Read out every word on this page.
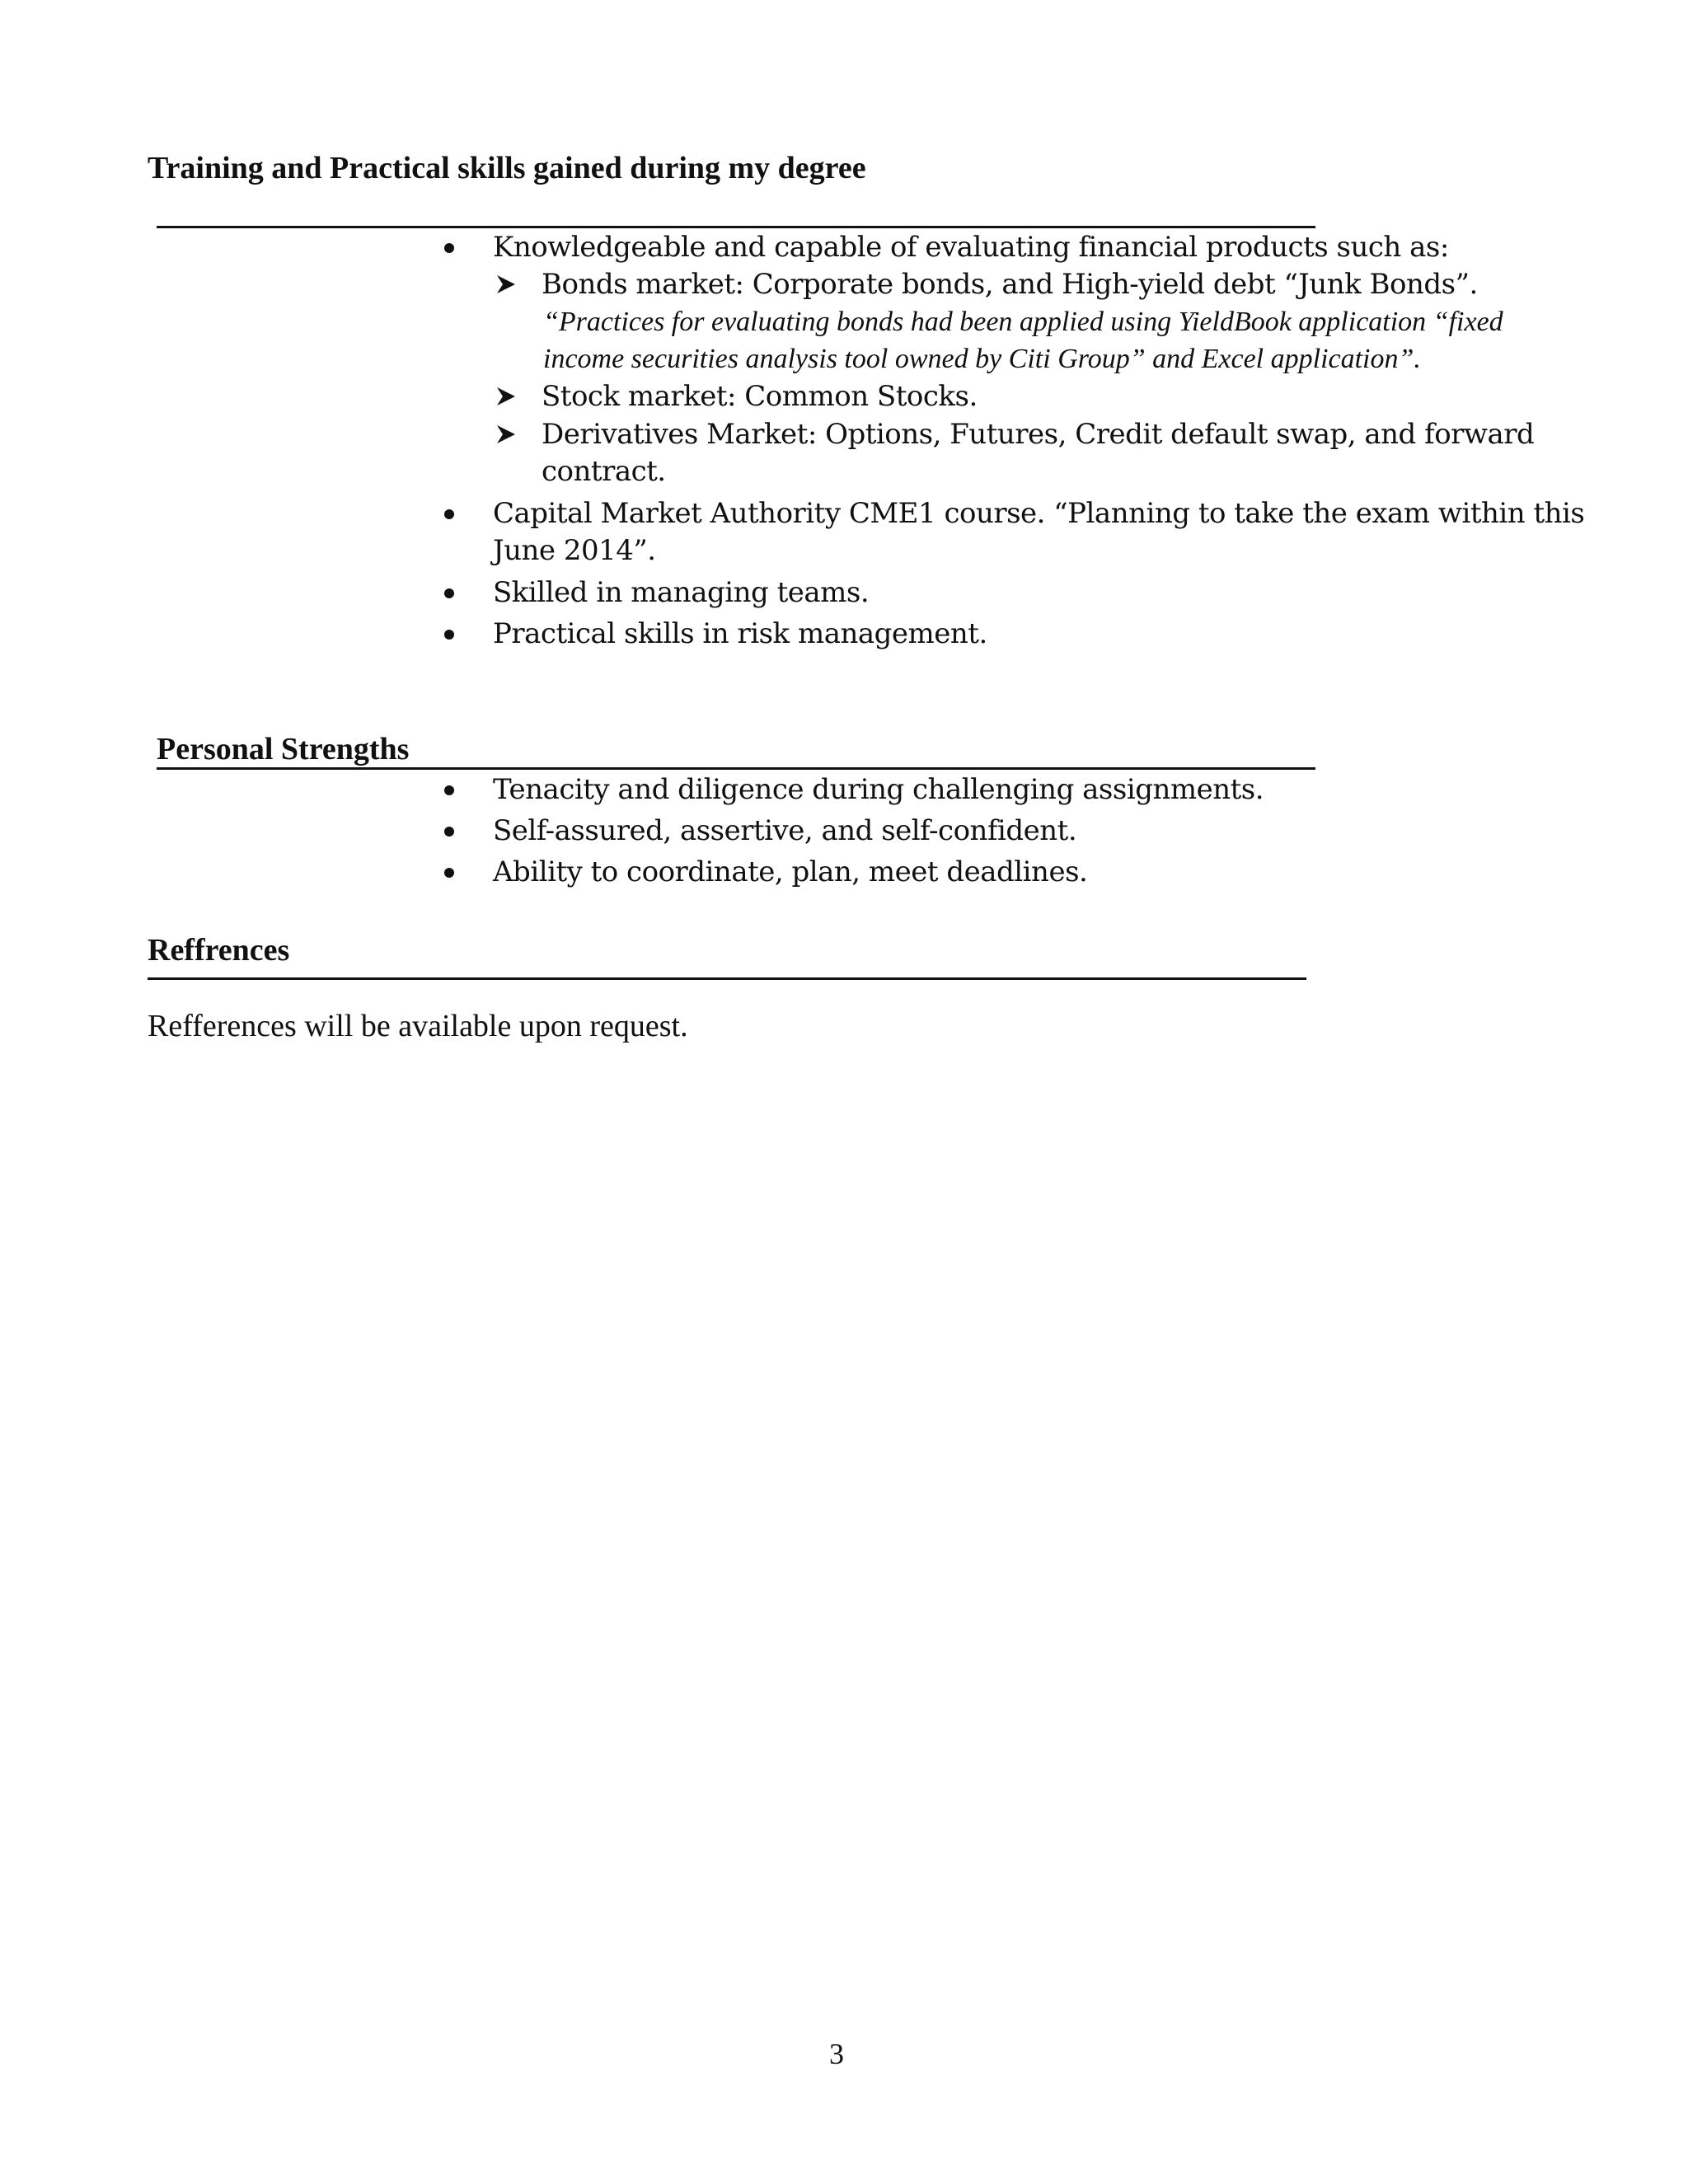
Training and Practical skills gained during my degree
Knowledgeable and capable of evaluating financial products such as:
Bonds market: Corporate bonds, and High-yield debt “Junk Bonds”.
“Practices for evaluating bonds had been applied using YieldBook application “fixed
income securities analysis tool owned by Citi Group” and Excel application”.
Stock market: Common Stocks.
Derivatives Market: Options, Futures, Credit default swap, and forward
contract.
Capital Market Authority CME1 course. “Planning to take the exam within this
June 2014”.
Skilled in managing teams.
Practical skills in risk management.
Personal Strengths
Tenacity and diligence during challenging assignments.
Self-assured, assertive, and self-confident.
Ability to coordinate, plan, meet deadlines.
Reffrences
Refferences will be available upon request.
3
